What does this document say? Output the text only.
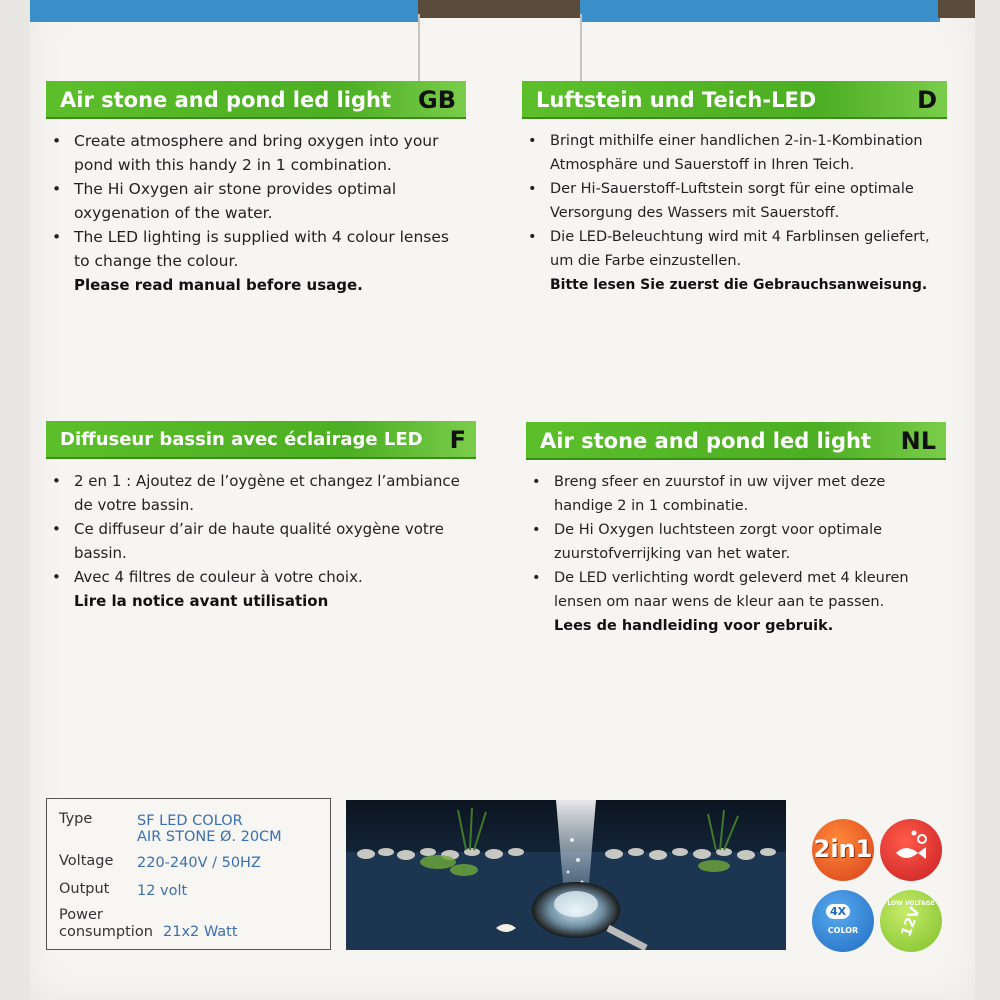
Air stone and pond led light GB
• Create atmosphere and bring oxygen into your pond with this handy 2 in 1 combination.
• The Hi Oxygen air stone provides optimal oxygenation of the water.
• The LED lighting is supplied with 4 colour lenses to change the colour.
Please read manual before usage.
Luftstein und Teich-LED	D
• Bringt mithilfe einer handlichen 2-in-1-Kombination Atmosphäre und Sauerstoff in Ihren Teich.
• Der Hi-Sauerstoff-Luftstein sorgt für eine optimale Versorgung des Wassers mit Sauerstoff.
• Die LED-Beleuchtung wird mit 4 Farblinsen geliefert, um die Farbe einzustellen.
Bitte lesen Sie zuerst die Gebrauchsanweisung.
Diffuseur bassin avec éclairage LED F
• 2 en 1 : Ajoutez de l’oygène et changez l’ambiance de votre bassin.
• Ce diffuseur d’air de haute qualité oxygène votre bassin.
• Avec 4 filtres de couleur à votre choix.
Lire la notice avant utilisation
Air stone and pond led light NL
• Breng sfeer en zuurstof in uw vijver met deze handige 2 in 1 combinatie.
• De Hi Oxygen luchtsteen zorgt voor optimale zuurstofverrijking van het water.
• De LED verlichting wordt geleverd met 4 kleuren lensen om naar wens de kleur aan te passen.
Lees de handleiding voor gebruik.
Type	SF LED COLOR
AIR STONE Ø. 20CM
Voltage 220-240V / 50HZ
Output 12 volt
Power
consumption 21x2 Watt
2in1
4X
COLOR
LOW VOLTAGE
12V
